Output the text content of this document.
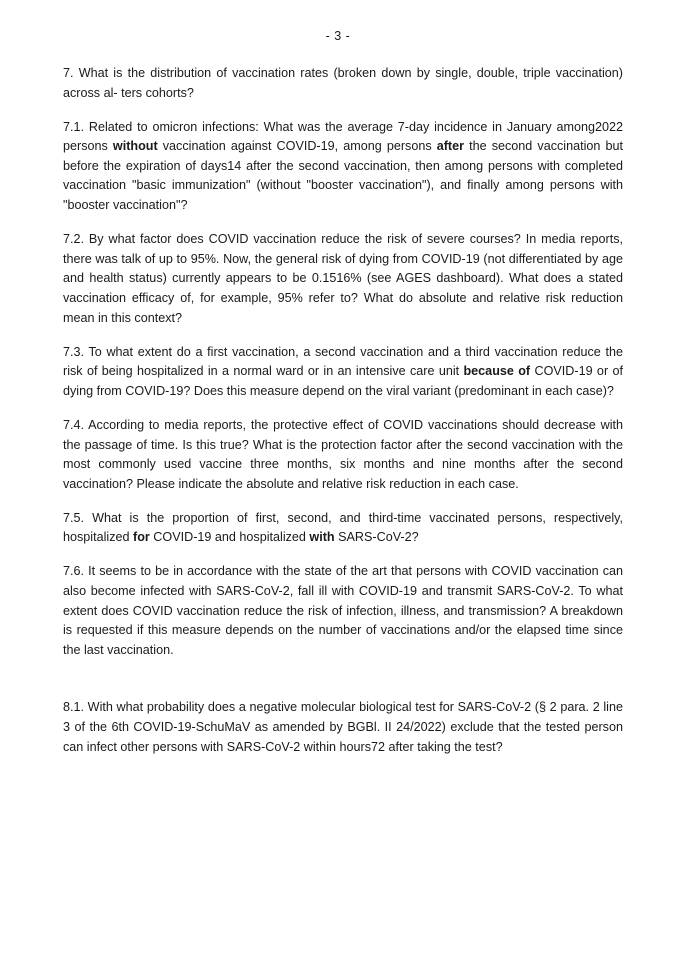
- 3 -

7. What is the distribution of vaccination rates (broken down by single, double, triple vaccination) across al- ters cohorts?

7.1. Related to omicron infections: What was the average 7-day incidence in January among2022 persons without vaccination against COVID-19, among persons after the second vaccination but before the expiration of days14 after the second vaccination, then among persons with completed vaccination "basic immunization" (without "booster vaccination"), and finally among persons with "booster vaccination"?

7.2. By what factor does COVID vaccination reduce the risk of severe courses? In media reports, there was talk of up to 95%. Now, the general risk of dying from COVID-19 (not differentiated by age and health status) currently appears to be 0.1516% (see AGES dashboard). What does a stated vaccination efficacy of, for example, 95% refer to? What do absolute and relative risk reduction mean in this context?

7.3. To what extent do a first vaccination, a second vaccination and a third vaccination reduce the risk of being hospitalized in a normal ward or in an intensive care unit because of COVID-19 or of dying from COVID-19? Does this measure depend on the viral variant (predominant in each case)?

7.4. According to media reports, the protective effect of COVID vaccinations should decrease with the passage of time. Is this true? What is the protection factor after the second vaccination with the most commonly used vaccine three months, six months and nine months after the second vaccination? Please indicate the absolute and relative risk reduction in each case.

7.5. What is the proportion of first, second, and third-time vaccinated persons, respectively, hospitalized for COVID-19 and hospitalized with SARS-CoV-2?

7.6. It seems to be in accordance with the state of the art that persons with COVID vaccination can also become infected with SARS-CoV-2, fall ill with COVID-19 and transmit SARS-CoV-2. To what extent does COVID vaccination reduce the risk of infection, illness, and transmission? A breakdown is requested if this measure depends on the number of vaccinations and/or the elapsed time since the last vaccination.

8.1. With what probability does a negative molecular biological test for SARS-CoV-2 (§ 2 para. 2 line 3 of the 6th COVID-19-SchuMaV as amended by BGBl. II 24/2022) exclude that the tested person can infect other persons with SARS-CoV-2 within hours72 after taking the test?
